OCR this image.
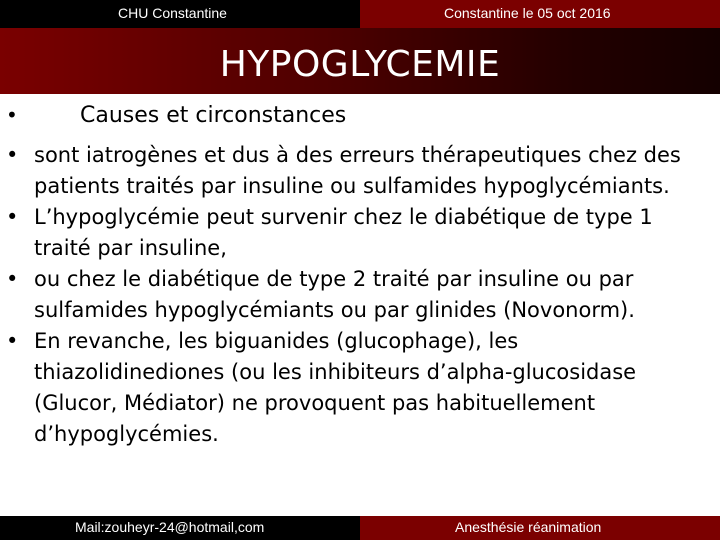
CHU Constantine	Constantine le 05 oct 2016
HYPOGLYCEMIE
•	Causes et circonstances
• sont iatrogènes et dus à des erreurs thérapeutiques chez des patients traités par insuline ou sulfamides hypoglycémiants.
• L’hypoglycémie peut survenir chez le diabétique de type 1 traité par insuline,
• ou chez le diabétique de type 2 traité par insuline ou par sulfamides hypoglycémiants ou par glinides (Novonorm).
• En revanche, les biguanides (glucophage), les thiazolidinediones (ou les inhibiteurs d’alpha-glucosidase (Glucor, Médiator) ne provoquent pas habituellement d’hypoglycémies.
Mail:zouheyr-24@hotmail,com	Anesthésie réanimation
